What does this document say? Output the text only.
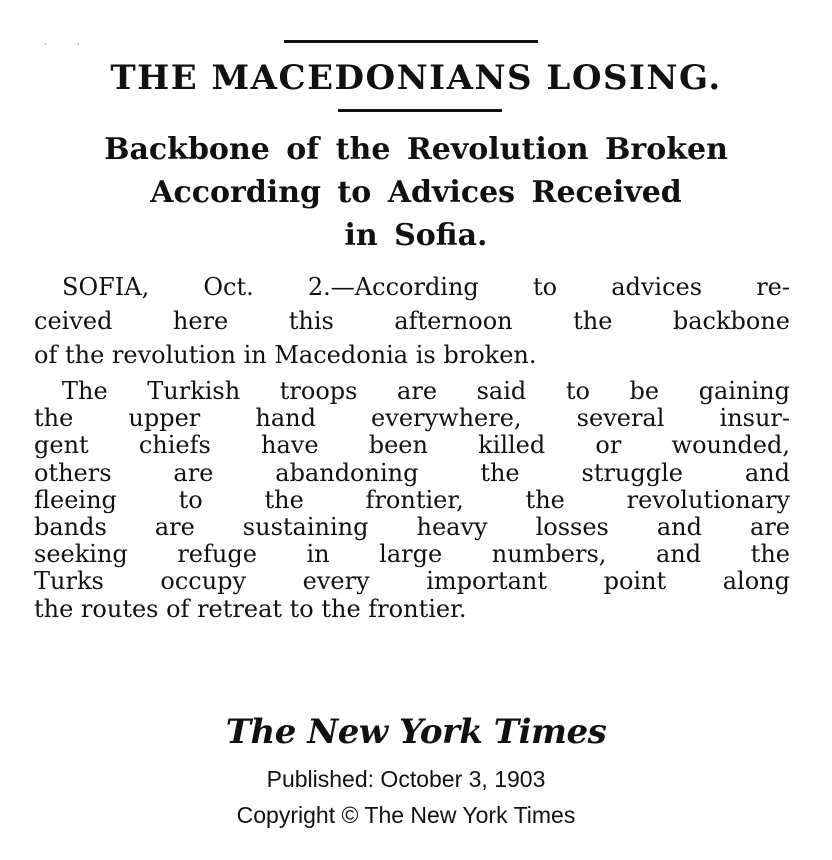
· ·
THE MACEDONIANS LOSING.
Backbone of the Revolution Broken
According to Advices Received
in Sofia.
SOFIA, Oct. 2.—According to advices re-
ceived here this afternoon the backbone
of the revolution in Macedonia is broken.
The Turkish troops are said to be gaining
the upper hand everywhere, several insur-
gent chiefs have been killed or wounded,
others are abandoning the struggle and
fleeing to the frontier, the revolutionary
bands are sustaining heavy losses and are
seeking refuge in large numbers, and the
Turks occupy every important point along
the routes of retreat to the frontier.
The New York Times
Published: October 3, 1903
Copyright © The New York Times
